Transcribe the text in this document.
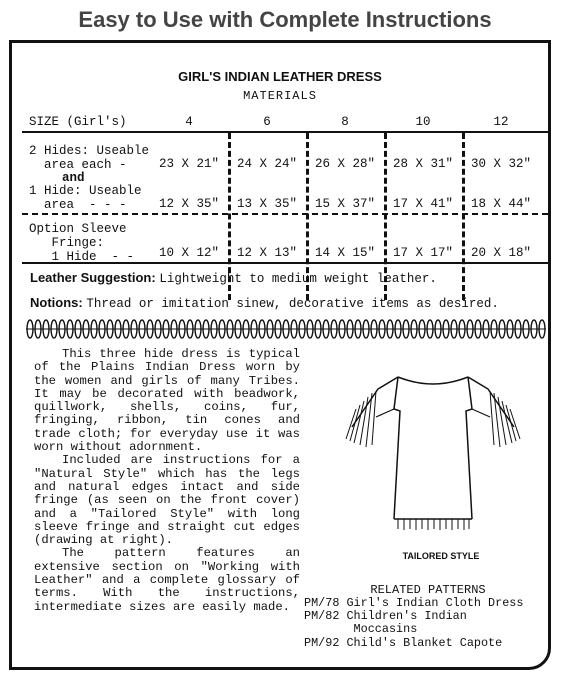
Easy to Use with Complete Instructions
GIRL'S INDIAN LEATHER DRESS
MATERIALS
SIZE (Girl's)	4	6	8	10	12
2 Hides: Useable
area each -	23 X 21"	24 X 24"	26 X 28"	28 X 31"	30 X 32"
and
1 Hide: Useable
area  - - -	12 X 35"	13 X 35"	15 X 37"	17 X 41"	18 X 44"
Option Sleeve
Fringe:
1 Hide  - -	10 X 12"	12 X 13"	14 X 15"	17 X 17"	20 X 18"
Leather Suggestion: Lightweight to medium weight leather.
Notions: Thread or imitation sinew, decorative items as desired.

This three hide dress is typical of the Plains Indian Dress worn by the women and girls of many Tribes. It may be decorated with beadwork, quillwork, shells, coins, fur, fringing, ribbon, tin cones and trade cloth; for everyday use it was worn without adornment.

Included are instructions for a "Natural Style" which has the legs and natural edges intact and side fringe (as seen on the front cover) and a "Tailored Style" with long sleeve fringe and straight cut edges (drawing at right).

The pattern features an extensive section on "Working with Leather" and a complete glossary of terms. With the instructions, intermediate sizes are easily made.

TAILORED STYLE
RELATED PATTERNS
PM/78 Girl's Indian Cloth Dress
PM/82 Children's Indian
Moccasins
PM/92 Child's Blanket Capote
